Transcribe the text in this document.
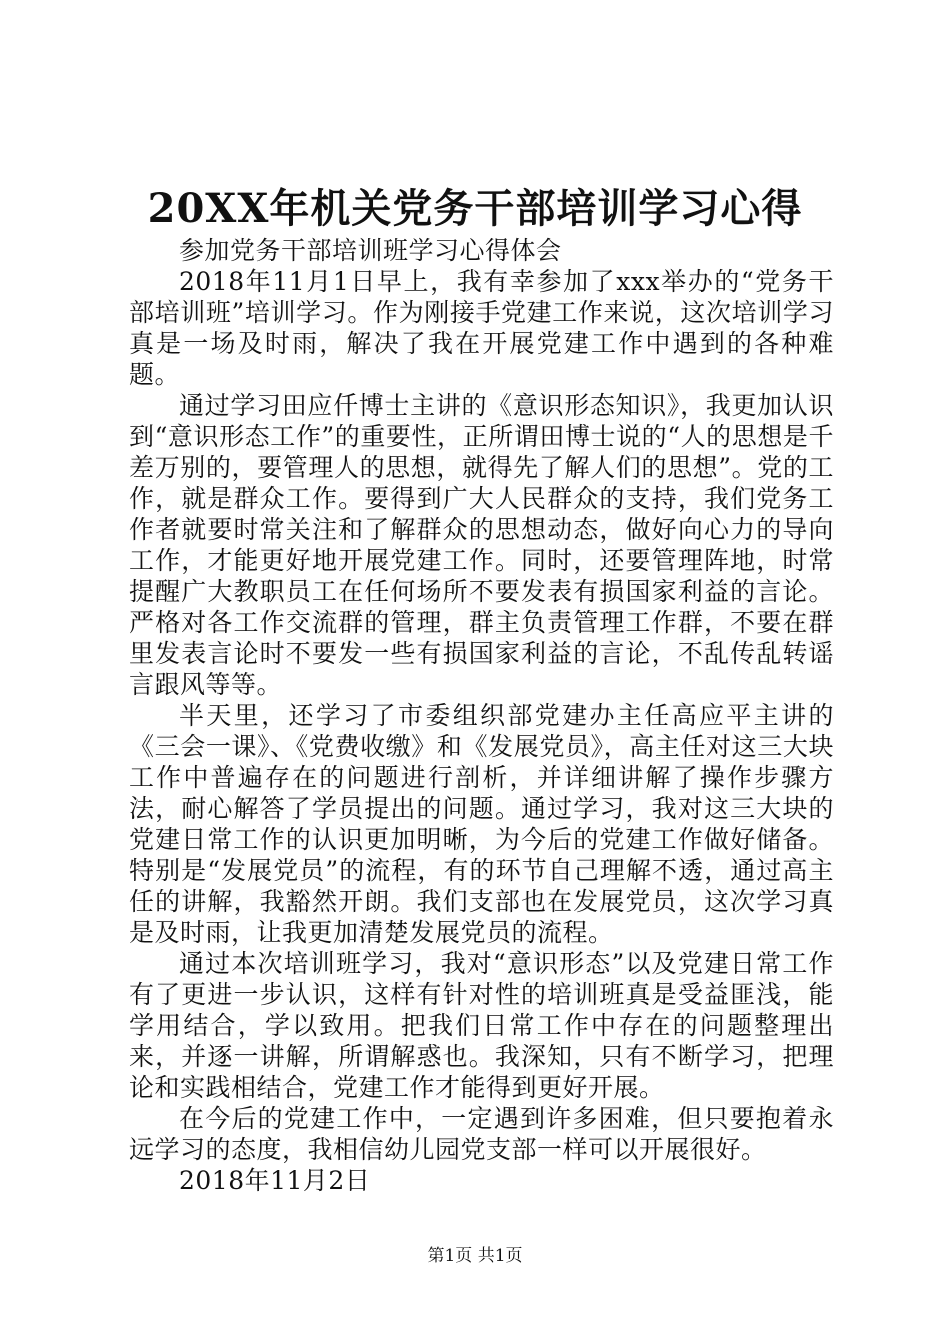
20XX年机关党务干部培训学习心得

参加党务干部培训班学习心得体会

2018年11月1日早上，我有幸参加了xxx举办的“党务干部培训班”培训学习。作为刚接手党建工作来说，这次培训学习真是一场及时雨，解决了我在开展党建工作中遇到的各种难题。

通过学习田应仟博士主讲的《意识形态知识》，我更加认识到“意识形态工作”的重要性，正所谓田博士说的“人的思想是千差万别的，要管理人的思想，就得先了解人们的思想”。党的工作，就是群众工作。要得到广大人民群众的支持，我们党务工作者就要时常关注和了解群众的思想动态，做好向心力的导向工作，才能更好地开展党建工作。同时，还要管理阵地，时常提醒广大教职员工在任何场所不要发表有损国家利益的言论。严格对各工作交流群的管理，群主负责管理工作群，不要在群里发表言论时不要发一些有损国家利益的言论，不乱传乱转谣言跟风等等。

半天里，还学习了市委组织部党建办主任高应平主讲的《三会一课》、《党费收缴》和《发展党员》，高主任对这三大块工作中普遍存在的问题进行剖析，并详细讲解了操作步骤方法，耐心解答了学员提出的问题。通过学习，我对这三大块的党建日常工作的认识更加明晰，为今后的党建工作做好储备。特别是“发展党员”的流程，有的环节自己理解不透，通过高主任的讲解，我豁然开朗。我们支部也在发展党员，这次学习真是及时雨，让我更加清楚发展党员的流程。

通过本次培训班学习，我对“意识形态”以及党建日常工作有了更进一步认识，这样有针对性的培训班真是受益匪浅，能学用结合，学以致用。把我们日常工作中存在的问题整理出来，并逐一讲解，所谓解惑也。我深知，只有不断学习，把理论和实践相结合，党建工作才能得到更好开展。

在今后的党建工作中，一定遇到许多困难，但只要抱着永远学习的态度，我相信幼儿园党支部一样可以开展很好。

2018年11月2日

第1页 共1页
